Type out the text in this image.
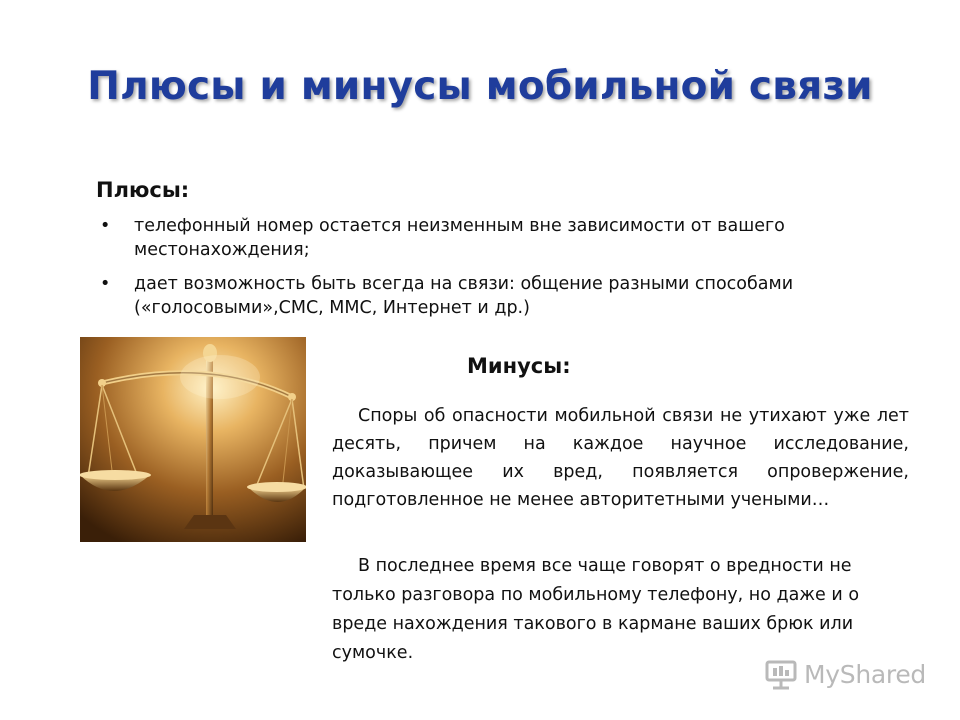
Плюсы и минусы мобильной связи
Плюсы:
• телефонный номер остается неизменным вне зависимости от вашего
местонахождения;
• дает возможность быть всегда на связи: общение разными способами
(«голосовыми»,СМС, ММС, Интернет и др.)
Минусы:

Споры об опасности мобильной связи не утихают уже лет десять, причем на каждое научное исследование, доказывающее их вред, появляется опровержение, подготовленное не менее авторитетными учеными…

В последнее время все чаще говорят о вредности не
только разговора по мобильному телефону, но даже и о
вреде нахождения такового в кармане ваших брюк или
сумочке.

MyShared
